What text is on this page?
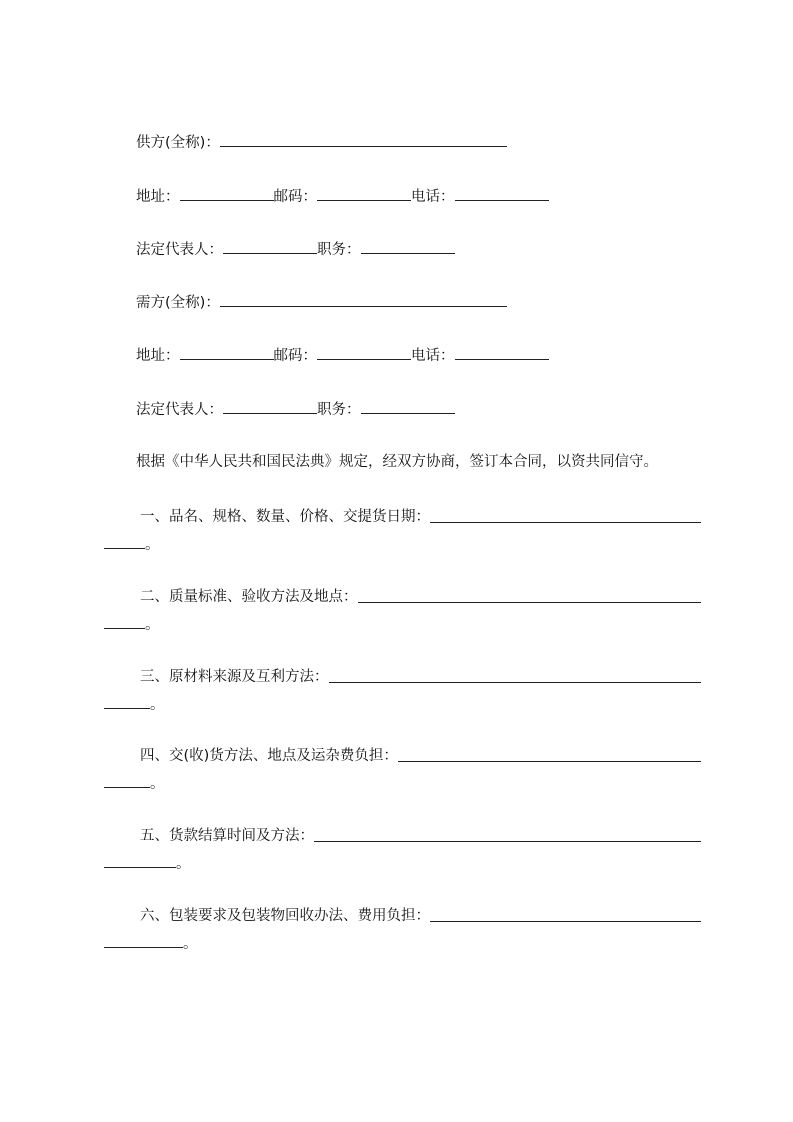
供方(全称)：
地址：	邮码：	电话：
法定代表人：	职务：
需方(全称)：
地址：	邮码：	电话：
法定代表人：	职务：
根据《中华人民共和国民法典》规定，经双方协商，签订本合同，以资共同信守。
一、品名、规格、数量、价格、交提货日期：
。
二、质量标准、验收方法及地点：
。
三、原材料来源及互利方法：
。
四、交(收)货方法、地点及运杂费负担：
。
五、货款结算时间及方法：
。
六、包装要求及包装物回收办法、费用负担：
。
